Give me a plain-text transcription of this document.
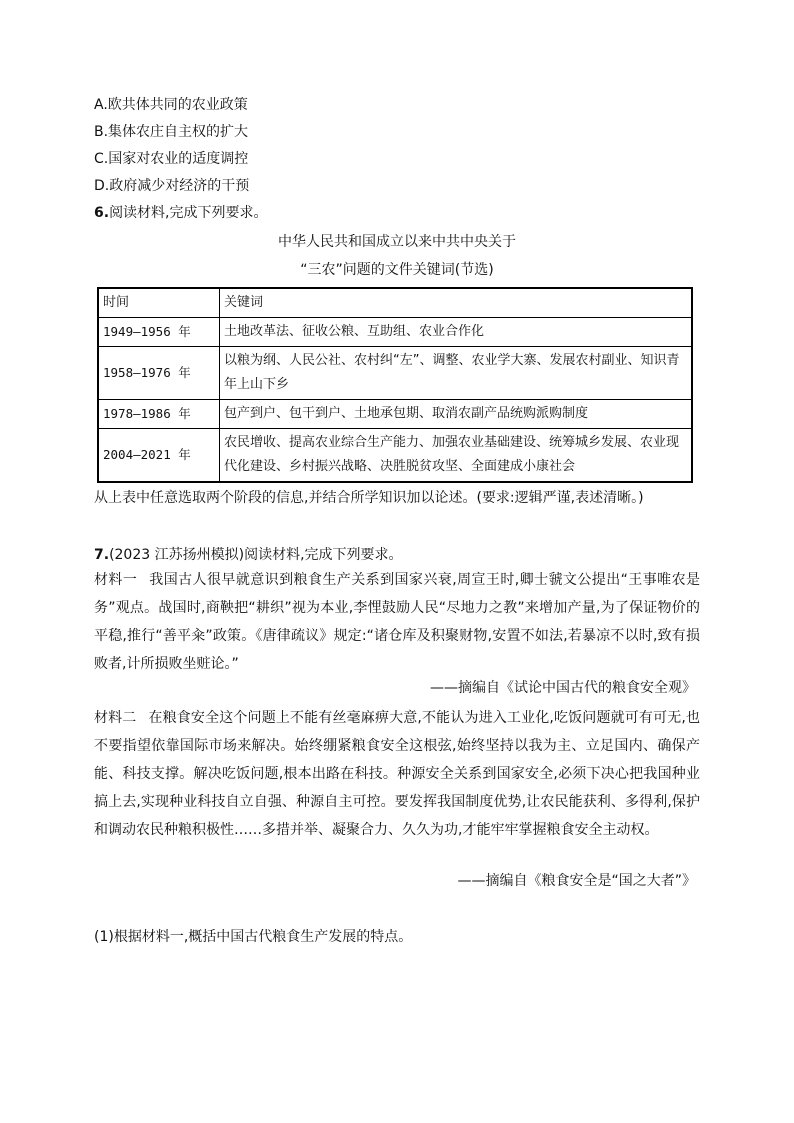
A.欧共体共同的农业政策
B.集体农庄自主权的扩大
C.国家对农业的适度调控
D.政府减少对经济的干预
6.阅读材料,完成下列要求。
中华人民共和国成立以来中共中央关于
“三农”问题的文件关键词(节选)
时间	关键词
1949—1956 年	土地改革法、征收公粮、互助组、农业合作化
1958—1976 年	以粮为纲、人民公社、农村纠“左”、调整、农业学大寨、发展农村副业、知识青年上山下乡
1978—1986 年	包产到户、包干到户、土地承包期、取消农副产品统购派购制度
2004—2021 年	农民增收、提高农业综合生产能力、加强农业基础建设、统筹城乡发展、农业现代化建设、乡村振兴战略、决胜脱贫攻坚、全面建成小康社会
从上表中任意选取两个阶段的信息,并结合所学知识加以论述。(要求:逻辑严谨,表述清晰。)
7.(2023 江苏扬州模拟)阅读材料,完成下列要求。
材料一 我国古人很早就意识到粮食生产关系到国家兴衰,周宣王时,卿士虢文公提出“王事唯农是务”观点。战国时,商鞅把“耕织”视为本业,李悝鼓励人民“尽地力之教”来增加产量,为了保证物价的平稳,推行“善平籴”政策。《唐律疏议》规定:“诸仓库及积聚财物,安置不如法,若暴凉不以时,致有损败者,计所损败坐赃论。”
——摘编自《试论中国古代的粮食安全观》
材料二 在粮食安全这个问题上不能有丝毫麻痹大意,不能认为进入工业化,吃饭问题就可有可无,也不要指望依靠国际市场来解决。始终绷紧粮食安全这根弦,始终坚持以我为主、立足国内、确保产能、科技支撑。解决吃饭问题,根本出路在科技。种源安全关系到国家安全,必须下决心把我国种业搞上去,实现种业科技自立自强、种源自主可控。要发挥我国制度优势,让农民能获利、多得利,保护和调动农民种粮积极性……多措并举、凝聚合力、久久为功,才能牢牢掌握粮食安全主动权。
——摘编自《粮食安全是“国之大者”》
(1)根据材料一,概括中国古代粮食生产发展的特点。
